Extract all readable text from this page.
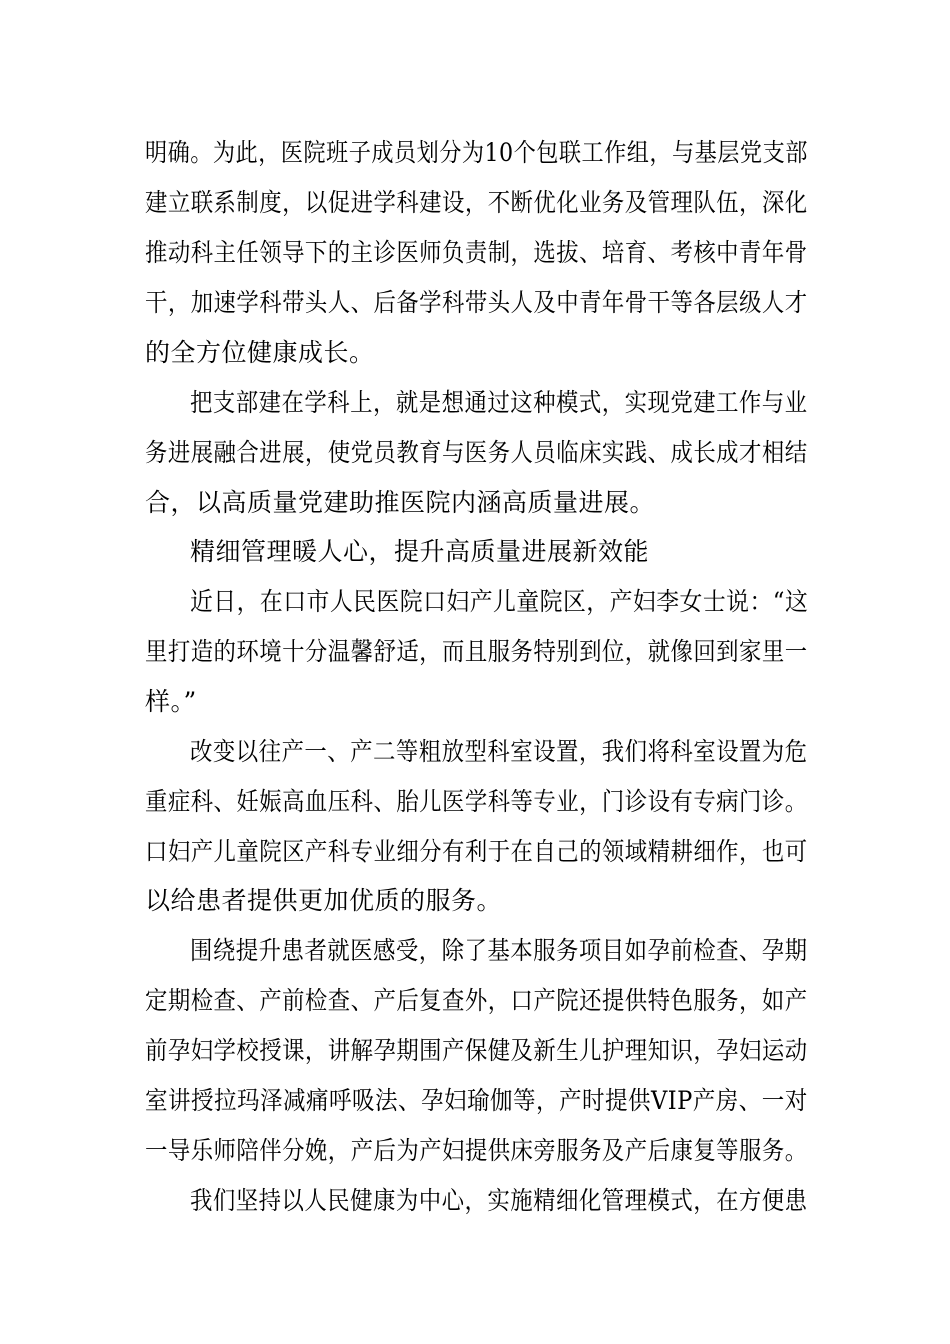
明确。为此，医院班子成员划分为10个包联工作组，与基层党支部
建立联系制度，以促进学科建设，不断优化业务及管理队伍，深化
推动科主任领导下的主诊医师负责制，选拔、培育、考核中青年骨
干，加速学科带头人、后备学科带头人及中青年骨干等各层级人才
的全方位健康成长。
把支部建在学科上，就是想通过这种模式，实现党建工作与业
务进展融合进展，使党员教育与医务人员临床实践、成长成才相结
合，以高质量党建助推医院内涵高质量进展。
精细管理暖人心，提升高质量进展新效能
近日，在口市人民医院口妇产儿童院区，产妇李女士说：“这
里打造的环境十分温馨舒适，而且服务特别到位，就像回到家里一
样。”
改变以往产一、产二等粗放型科室设置，我们将科室设置为危
重症科、妊娠高血压科、胎儿医学科等专业，门诊设有专病门诊。
口妇产儿童院区产科专业细分有利于在自己的领域精耕细作，也可
以给患者提供更加优质的服务。
围绕提升患者就医感受，除了基本服务项目如孕前检查、孕期
定期检查、产前检查、产后复查外，口产院还提供特色服务，如产
前孕妇学校授课，讲解孕期围产保健及新生儿护理知识，孕妇运动
室讲授拉玛泽减痛呼吸法、孕妇瑜伽等，产时提供VIP产房、一对
一导乐师陪伴分娩，产后为产妇提供床旁服务及产后康复等服务。
我们坚持以人民健康为中心，实施精细化管理模式，在方便患
